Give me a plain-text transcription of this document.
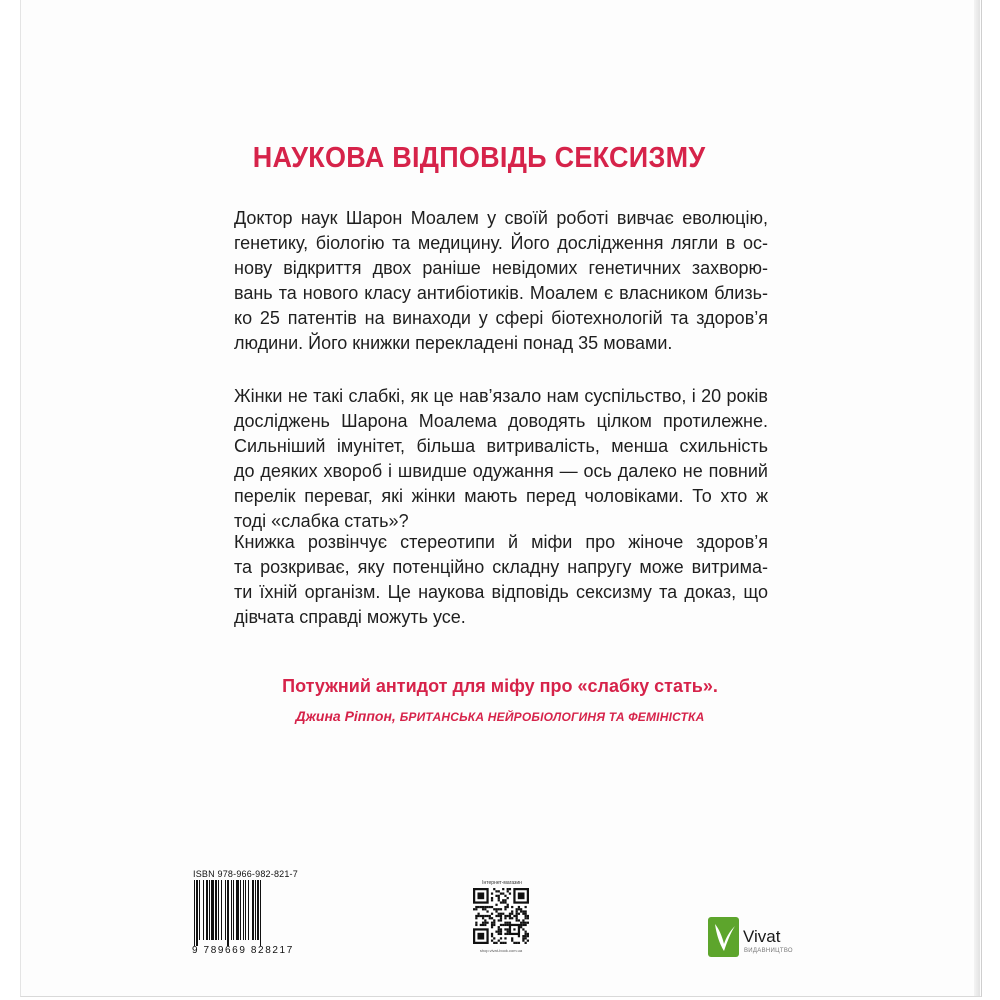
НАУКОВА ВІДПОВІДЬ СЕКСИЗМУ

Доктор наук Шарон Моалем у своїй роботі вивчає еволюцію,
генетику, біологію та медицину. Його дослідження лягли в ос-
нову відкриття двох раніше невідомих генетичних захворю-
вань та нового класу антибіотиків. Моалем є власником близь-
ко 25 патентів на винаходи у сфері біотехнологій та здоров’я
людини. Його книжки перекладені понад 35 мовами.

Жінки не такі слабкі, як це нав’язало нам суспільство, і 20 років
досліджень Шарона Моалема доводять цілком протилежне.
Сильніший імунітет, більша витривалість, менша схильність
до деяких хвороб і швидше одужання — ось далеко не повний
перелік переваг, які жінки мають перед чоловіками. То хто ж
тоді «слабка стать»?

Книжка розвінчує стереотипи й міфи про жіноче здоров’я
та розкриває, яку потенційно складну напругу може витрима-
ти їхній організм. Це наукова відповідь сексизму та доказ, що
дівчата справді можуть усе.

Потужний антидот для міфу про «слабку стать».
Джина Ріппон, БРИТАНСЬКА НЕЙРОБІОЛОГИНЯ ТА ФЕМІНІСТКА
ISBN 978-966-982-821-7
9 789669 828217
Інтернет-магазин
shop.vivat-book.com.ua
Vivat
ВИДАВНИЦТВО
